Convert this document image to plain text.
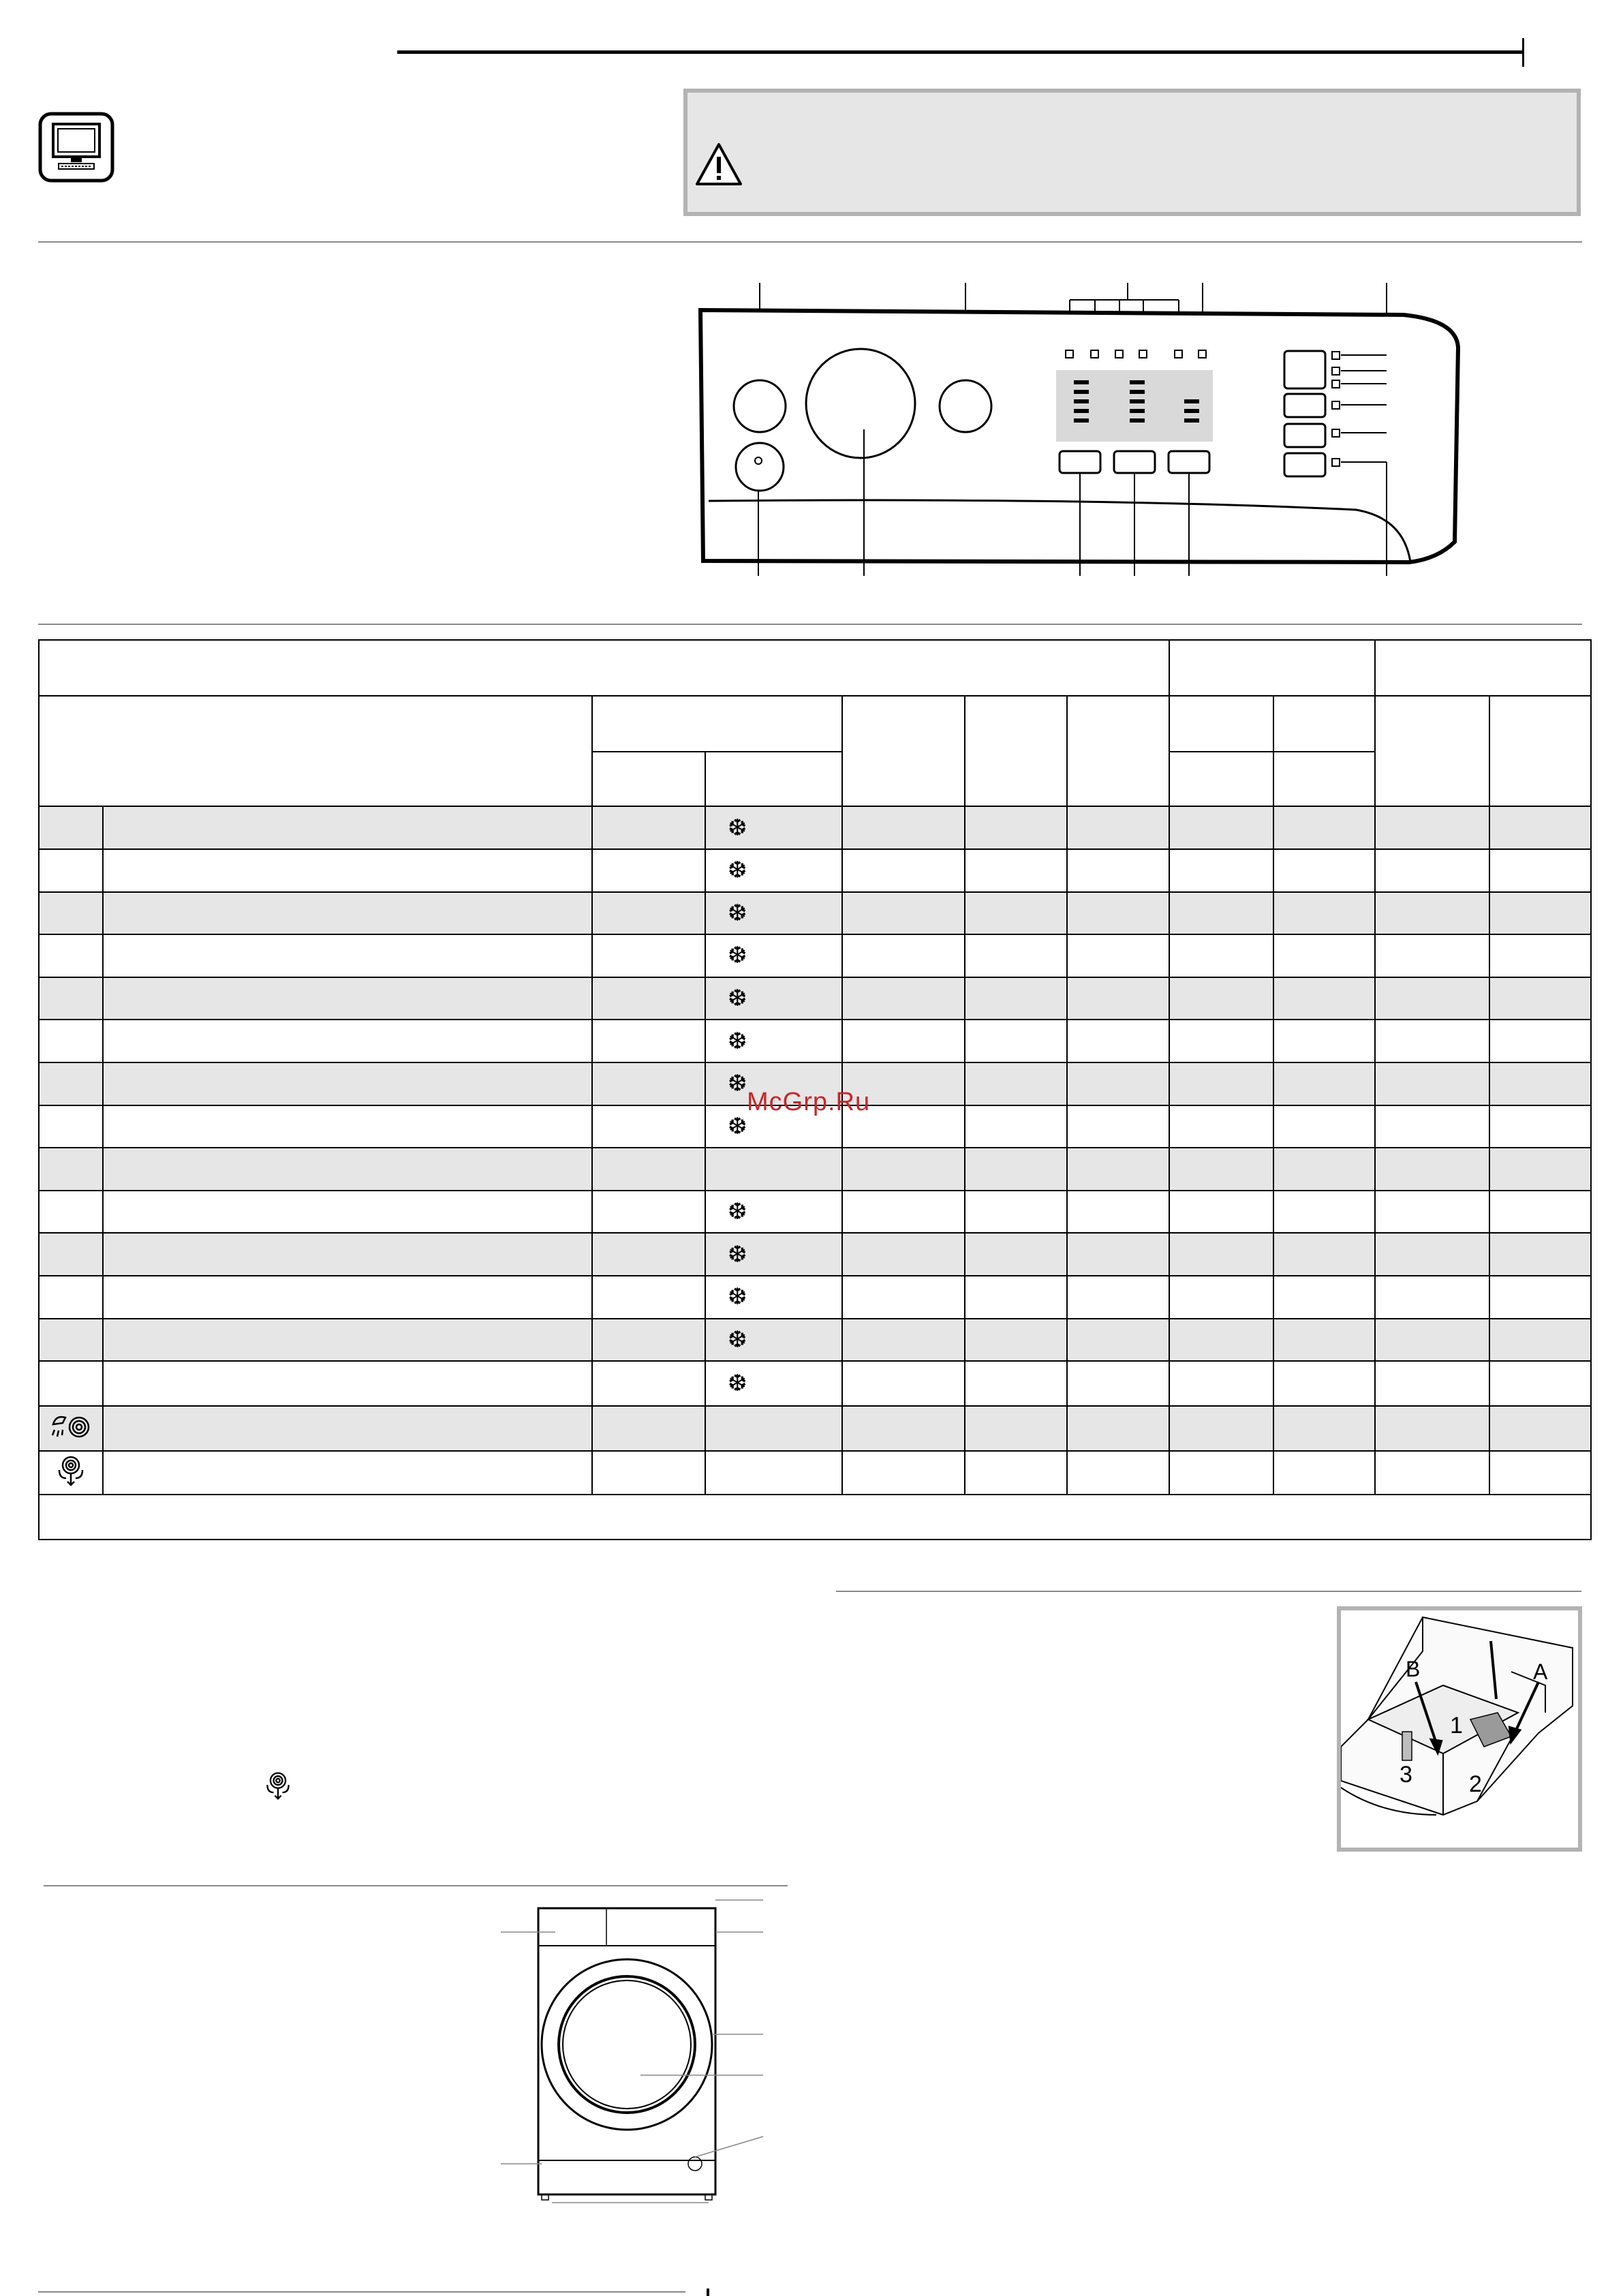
			❆							
			❆							
			❆							
			❆							
			❆							
			❆							
			❆							
			❆							

			❆							
			❆							
			❆							
			❆							
			❆							

McGrp.Ru
B	A
1
2
3
